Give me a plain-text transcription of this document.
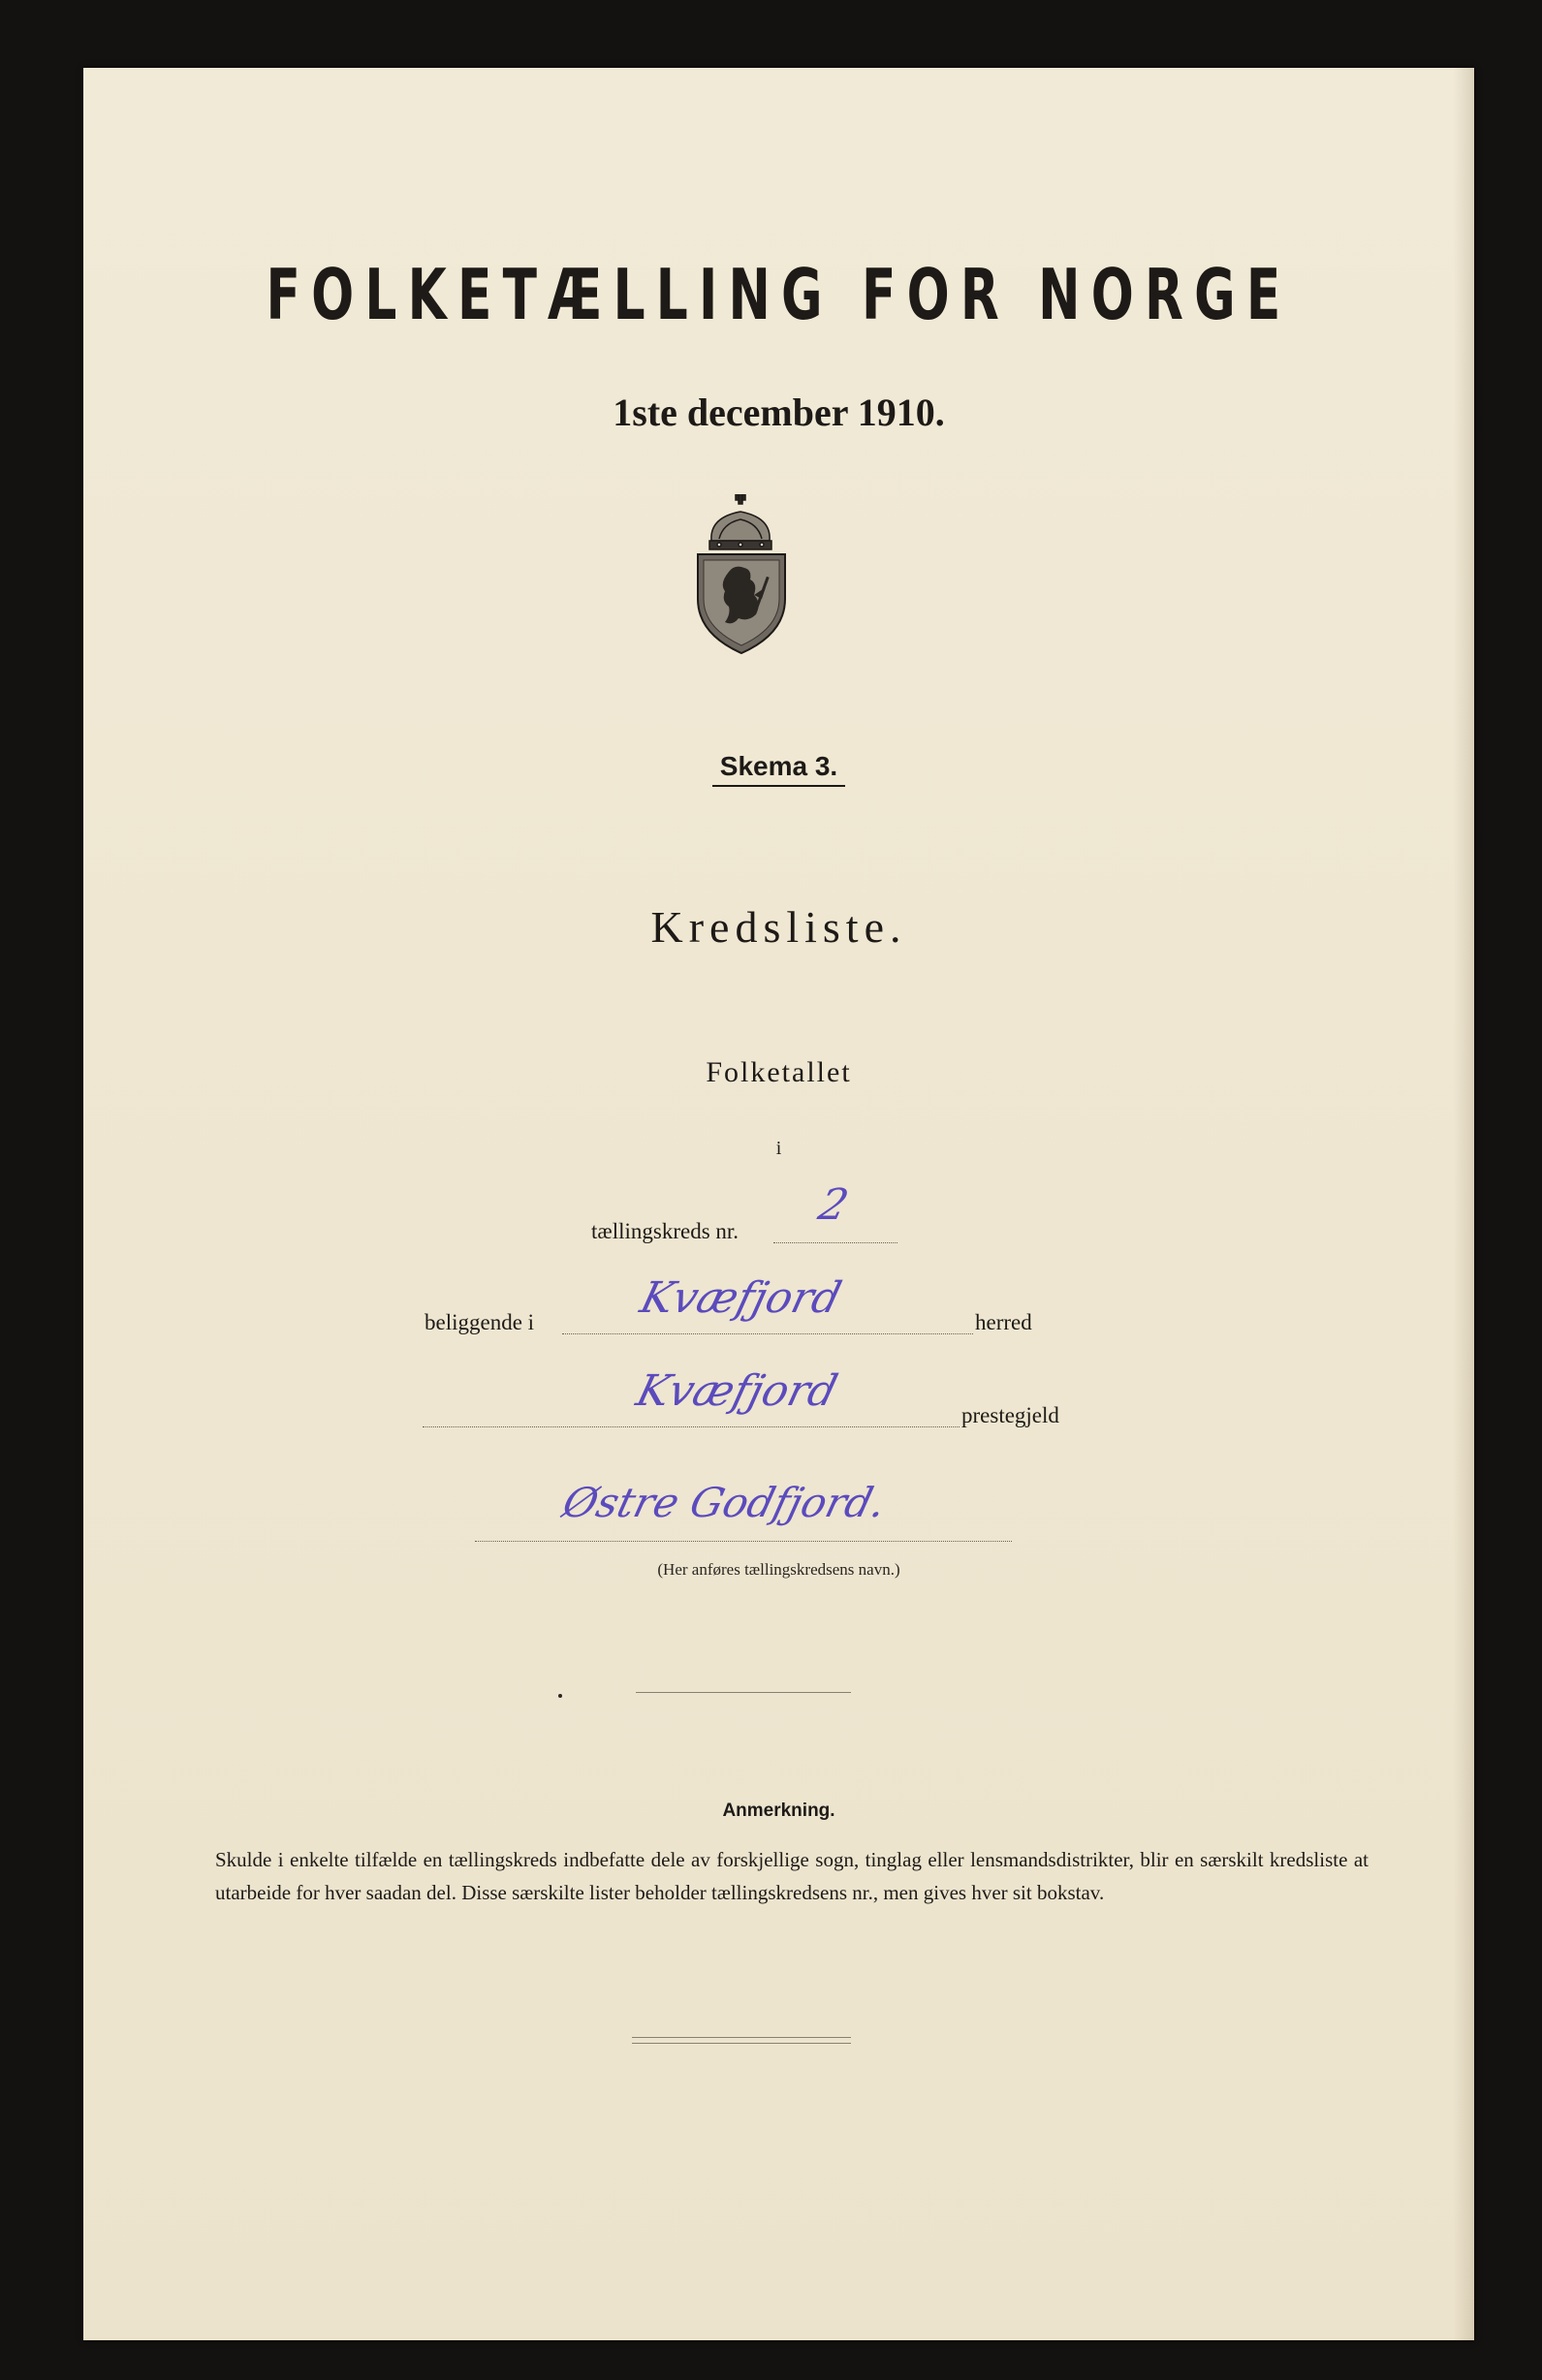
FOLKETÆLLING FOR NORGE
1ste december 1910.
Skema 3.
Kredsliste.
Folketallet
i
tællingskreds nr.
2
beliggende i Kvæfjord	herred
Kvæfjord	prestegjeld
Østre Godfjord.
(Her anføres tællingskredsens navn.)
Anmerkning.
Skulde i enkelte tilfælde en tællingskreds indbefatte dele av forskjellige sogn, tinglag eller lensmandsdistrikter, blir en særskilt kredsliste at utarbeide for hver saadan del. Disse særskilte lister beholder tællingskredsens nr., men gives hver sit bokstav.
